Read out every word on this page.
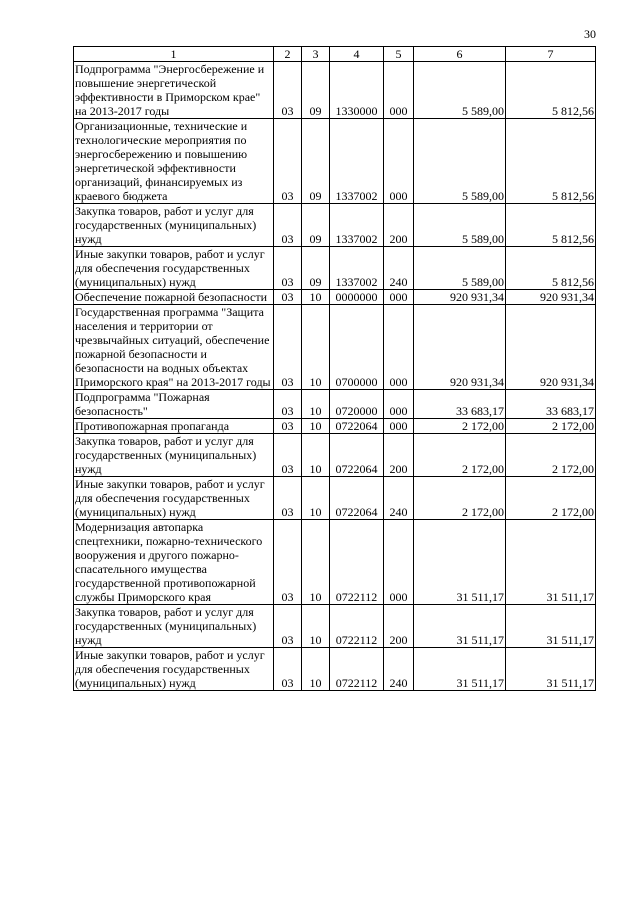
30
1	2	3	4	5	6	7
Подпрограмма "Энергосбережение и повышение энергетической эффективности в Приморском крае" на 2013-2017 годы	03	09	1330000	000	5 589,00	5 812,56
Организационные, технические и технологические мероприятия по энергосбережению и повышению энергетической эффективности организаций, финансируемых из краевого бюджета	03	09	1337002	000	5 589,00	5 812,56
Закупка товаров, работ и услуг для государственных (муниципальных) нужд	03	09	1337002	200	5 589,00	5 812,56
Иные закупки товаров, работ и услуг для обеспечения государственных (муниципальных) нужд	03	09	1337002	240	5 589,00	5 812,56
Обеспечение пожарной безопасности	03	10	0000000	000	920 931,34	920 931,34
Государственная программа "Защита населения и территории от чрезвычайных ситуаций, обеспечение пожарной безопасности и безопасности на водных объектах Приморского края" на 2013-2017 годы	03	10	0700000	000	920 931,34	920 931,34
Подпрограмма "Пожарная безопасность"	03	10	0720000	000	33 683,17	33 683,17
Противопожарная пропаганда	03	10	0722064	000	2 172,00	2 172,00
Закупка товаров, работ и услуг для государственных (муниципальных) нужд	03	10	0722064	200	2 172,00	2 172,00
Иные закупки товаров, работ и услуг для обеспечения государственных (муниципальных) нужд	03	10	0722064	240	2 172,00	2 172,00
Модернизация автопарка спецтехники, пожарно-технического вооружения и другого пожарно-спасательного имущества государственной противопожарной службы Приморского края	03	10	0722112	000	31 511,17	31 511,17
Закупка товаров, работ и услуг для государственных (муниципальных) нужд	03	10	0722112	200	31 511,17	31 511,17
Иные закупки товаров, работ и услуг для обеспечения государственных (муниципальных) нужд	03	10	0722112	240	31 511,17	31 511,17
